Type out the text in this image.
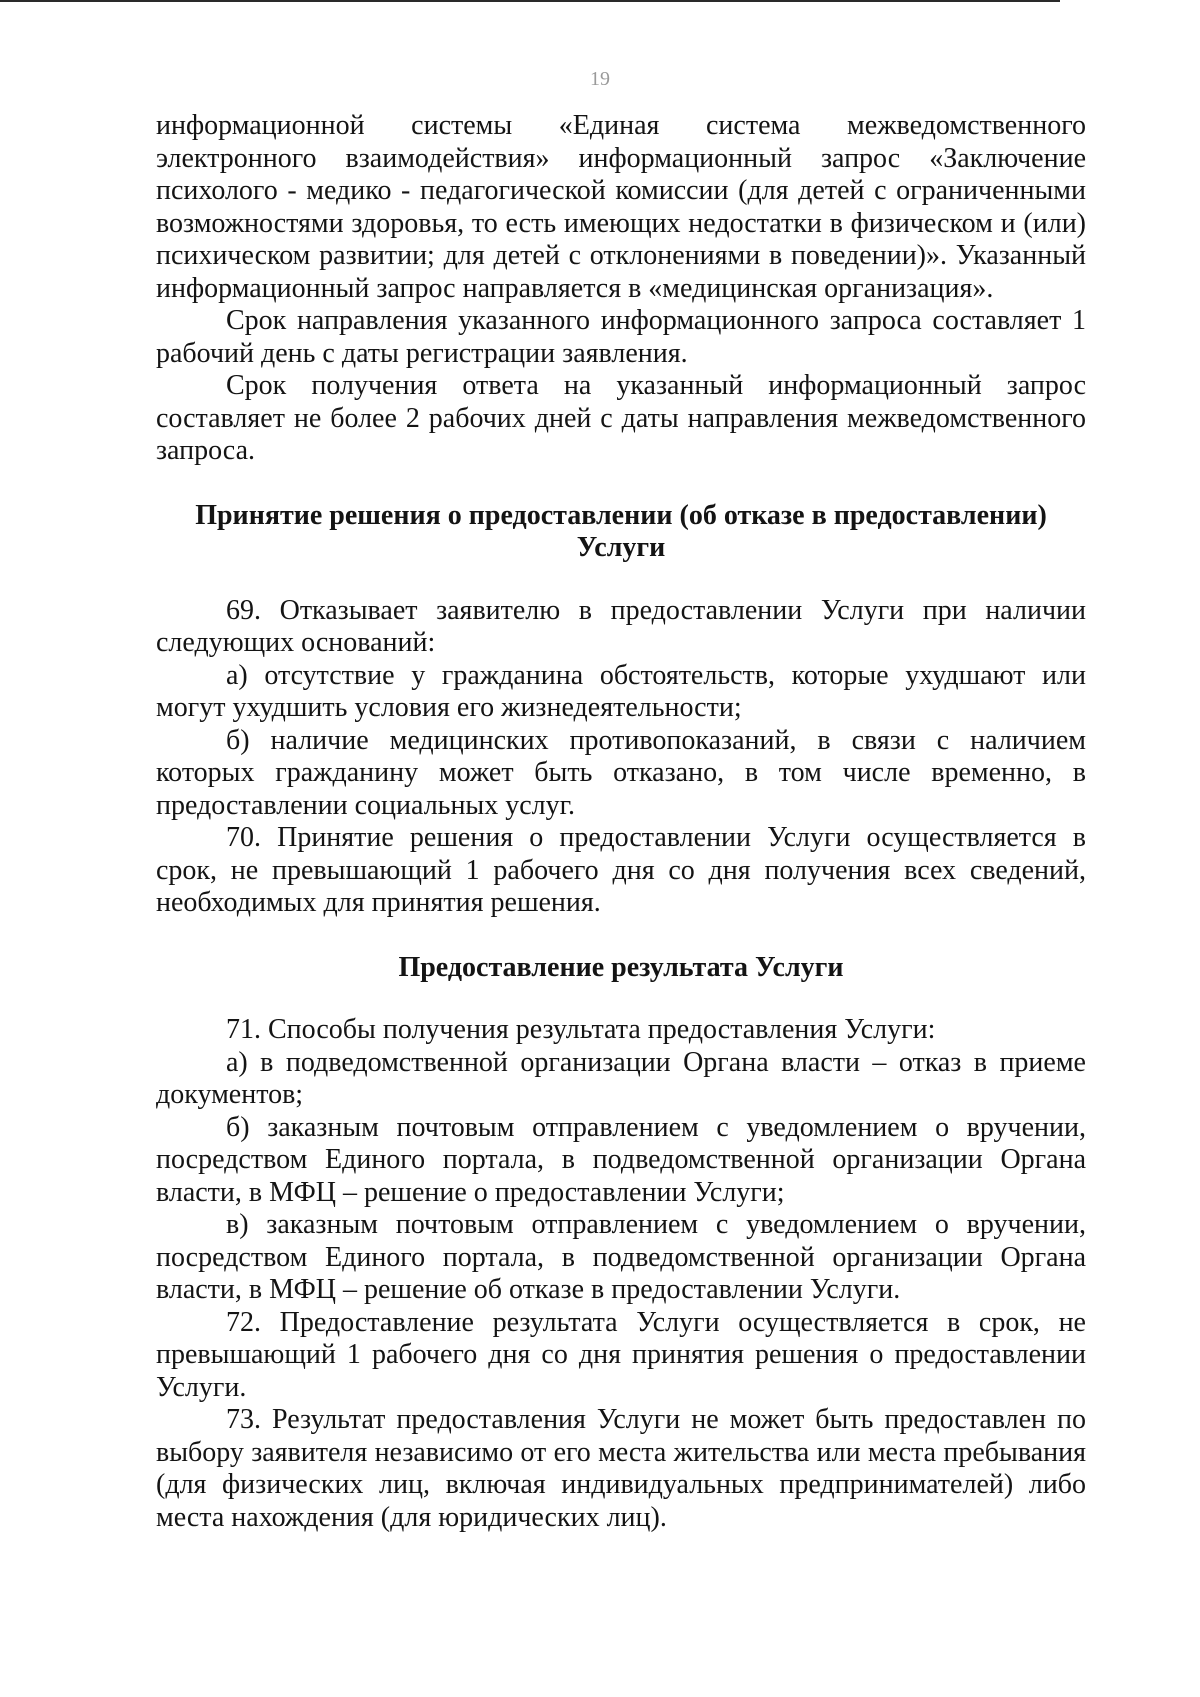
19

информационной системы «Единая система межведомственного электронного взаимодействия» информационный запрос «Заключение психолого - медико - педагогической комиссии (для детей с ограниченными возможностями здоровья, то есть имеющих недостатки в физическом и (или) психическом развитии; для детей с отклонениями в поведении)». Указанный информационный запрос направляется в «медицинская организация».

Срок направления указанного информационного запроса составляет 1 рабочий день с даты регистрации заявления.

Срок получения ответа на указанный информационный запрос составляет не более 2 рабочих дней с даты направления межведомственного запроса.

Принятие решения о предоставлении (об отказе в предоставлении) Услуги

69. Отказывает заявителю в предоставлении Услуги при наличии следующих оснований:

а) отсутствие у гражданина обстоятельств, которые ухудшают или могут ухудшить условия его жизнедеятельности;

б) наличие медицинских противопоказаний, в связи с наличием которых гражданину может быть отказано, в том числе временно, в предоставлении социальных услуг.

70. Принятие решения о предоставлении Услуги осуществляется в срок, не превышающий 1 рабочего дня со дня получения всех сведений, необходимых для принятия решения.

Предоставление результата Услуги

71. Способы получения результата предоставления Услуги:

а) в подведомственной организации Органа власти – отказ в приеме документов;

б) заказным почтовым отправлением с уведомлением о вручении, посредством Единого портала, в подведомственной организации Органа власти, в МФЦ – решение о предоставлении Услуги;

в) заказным почтовым отправлением с уведомлением о вручении, посредством Единого портала, в подведомственной организации Органа власти, в МФЦ – решение об отказе в предоставлении Услуги.

72. Предоставление результата Услуги осуществляется в срок, не превышающий 1 рабочего дня со дня принятия решения о предоставлении Услуги.

73. Результат предоставления Услуги не может быть предоставлен по выбору заявителя независимо от его места жительства или места пребывания (для физических лиц, включая индивидуальных предпринимателей) либо места нахождения (для юридических лиц).
